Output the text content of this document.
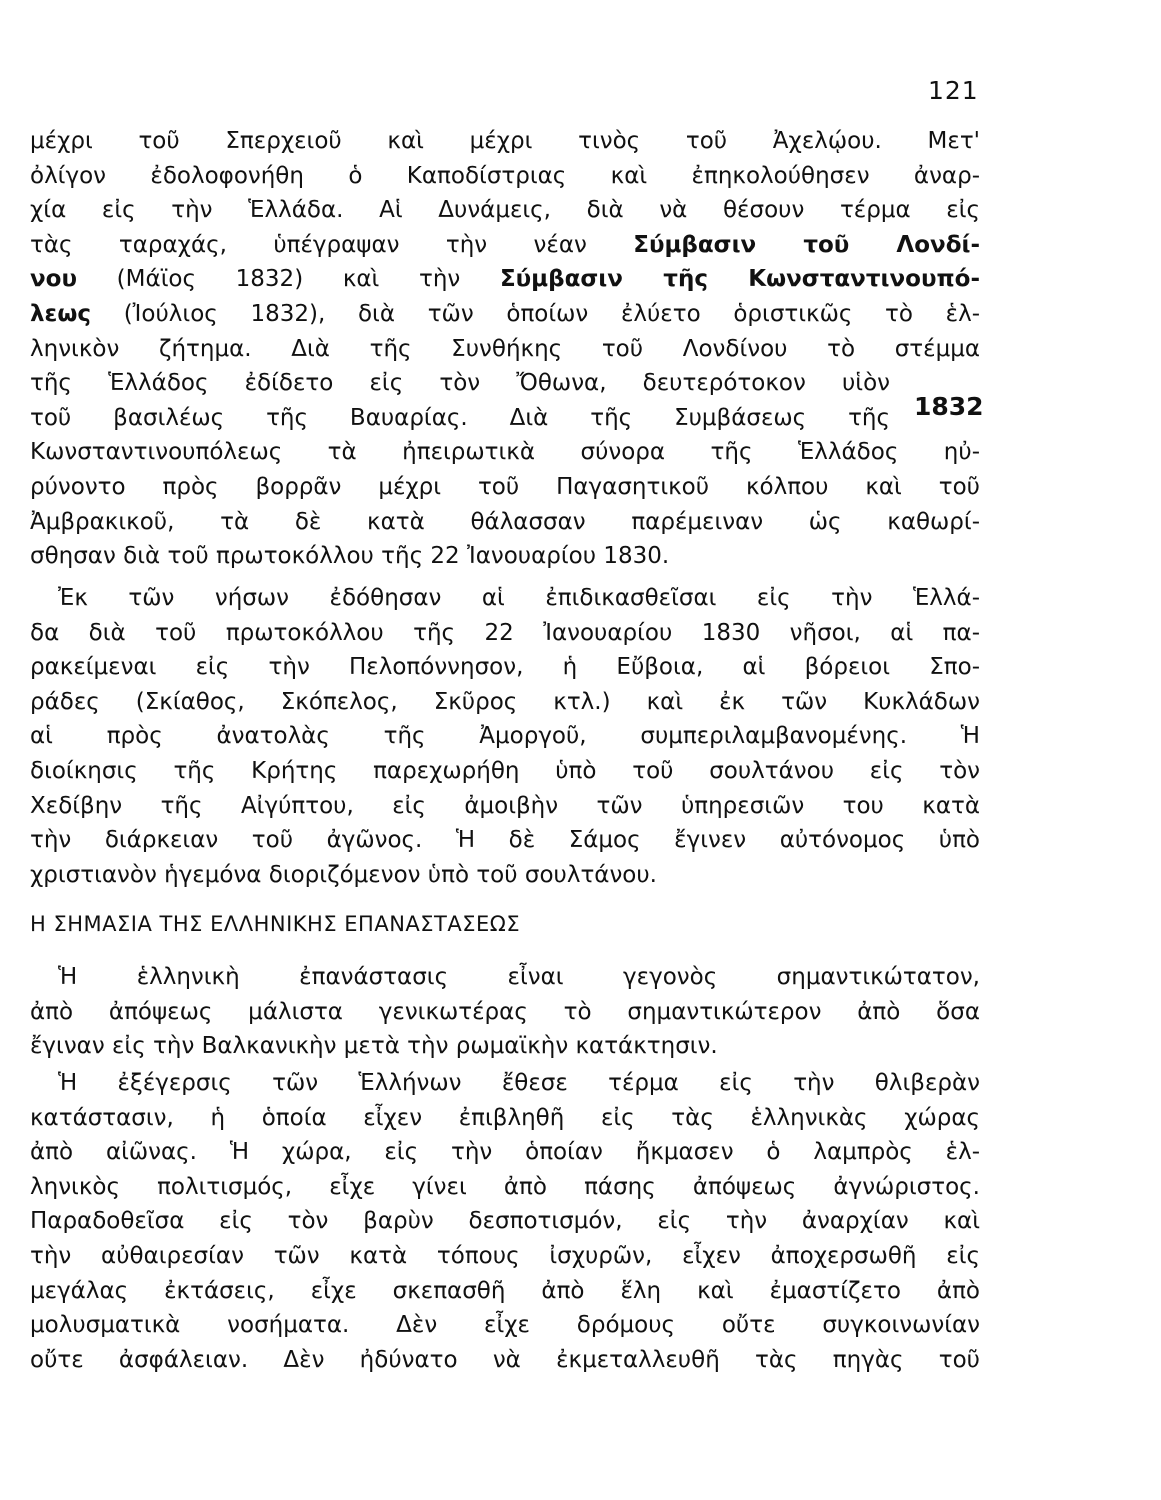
121
1832
μέχρι τοῦ Σπερχειοῦ καὶ μέχρι τινὸς τοῦ Ἀχελῴου. Μετ'
ὀλίγον ἐδολοφονήθη ὁ Καποδίστριας καὶ ἐπηκολούθησεν ἀναρ-
χία εἰς τὴν Ἑλλάδα. Αἱ Δυνάμεις, διὰ νὰ θέσουν τέρμα εἰς
τὰς ταραχάς, ὑπέγραψαν τὴν νέαν Σύμβασιν τοῦ Λονδί-
νου (Μάϊος 1832) καὶ τὴν Σύμβασιν τῆς Κωνσταντινουπό-
λεως (Ἰούλιος 1832), διὰ τῶν ὁποίων ἐλύετο ὁριστικῶς τὸ ἑλ-
ληνικὸν ζήτημα. Διὰ τῆς Συνθήκης τοῦ Λονδίνου τὸ στέμμα
τῆς Ἑλλάδος ἐδίδετο εἰς τὸν Ὄθωνα, δευτερότοκον υἱὸν
τοῦ βασιλέως τῆς Βαυαρίας. Διὰ τῆς Συμβάσεως τῆς
Κωνσταντινουπόλεως τὰ ἠπειρωτικὰ σύνορα τῆς Ἑλλάδος ηὐ-
ρύνοντο πρὸς βορρᾶν μέχρι τοῦ Παγασητικοῦ κόλπου καὶ τοῦ
Ἀμβρακικοῦ, τὰ δὲ κατὰ θάλασσαν παρέμειναν ὡς καθωρί-
σθησαν διὰ τοῦ πρωτοκόλλου τῆς 22 Ἰανουαρίου 1830.
Ἐκ τῶν νήσων ἐδόθησαν αἱ ἐπιδικασθεῖσαι εἰς τὴν Ἑλλά-
δα διὰ τοῦ πρωτοκόλλου τῆς 22 Ἰανουαρίου 1830 νῆσοι, αἱ πα-
ρακείμεναι εἰς τὴν Πελοπόννησον, ἡ Εὔβοια, αἱ βόρειοι Σπο-
ράδες (Σκίαθος, Σκόπελος, Σκῦρος κτλ.) καὶ ἐκ τῶν Κυκλάδων
αἱ πρὸς ἀνατολὰς τῆς Ἀμοργοῦ, συμπεριλαμβανομένης. Ἡ
διοίκησις τῆς Κρήτης παρεχωρήθη ὑπὸ τοῦ σουλτάνου εἰς τὸν
Χεδίβην τῆς Αἰγύπτου, εἰς ἀμοιβὴν τῶν ὑπηρεσιῶν του κατὰ
τὴν διάρκειαν τοῦ ἀγῶνος. Ἡ δὲ Σάμος ἔγινεν αὐτόνομος ὑπὸ
χριστιανὸν ἡγεμόνα διοριζόμενον ὑπὸ τοῦ σουλτάνου.
Η ΣΗΜΑΣΙΑ ΤΗΣ ΕΛΛΗΝΙΚΗΣ ΕΠΑΝΑΣΤΑΣΕΩΣ
Ἡ ἑλληνικὴ ἐπανάστασις εἶναι γεγονὸς σημαντικώτατον,
ἀπὸ ἀπόψεως μάλιστα γενικωτέρας τὸ σημαντικώτερον ἀπὸ ὅσα
ἔγιναν εἰς τὴν Βαλκανικὴν μετὰ τὴν ρωμαϊκὴν κατάκτησιν.
Ἡ ἐξέγερσις τῶν Ἑλλήνων ἔθεσε τέρμα εἰς τὴν θλιβερὰν
κατάστασιν, ἡ ὁποία εἶχεν ἐπιβληθῆ εἰς τὰς ἑλληνικὰς χώρας
ἀπὸ αἰῶνας. Ἡ χώρα, εἰς τὴν ὁποίαν ἤκμασεν ὁ λαμπρὸς ἑλ-
ληνικὸς πολιτισμός, εἶχε γίνει ἀπὸ πάσης ἀπόψεως ἀγνώριστος.
Παραδοθεῖσα εἰς τὸν βαρὺν δεσποτισμόν, εἰς τὴν ἀναρχίαν καὶ
τὴν αὐθαιρεσίαν τῶν κατὰ τόπους ἰσχυρῶν, εἶχεν ἀποχερσωθῆ εἰς
μεγάλας ἐκτάσεις, εἶχε σκεπασθῆ ἀπὸ ἕλη καὶ ἐμαστίζετο ἀπὸ
μολυσματικὰ νοσήματα. Δὲν εἶχε δρόμους οὔτε συγκοινωνίαν
οὔτε ἀσφάλειαν. Δὲν ἠδύνατο νὰ ἐκμεταλλευθῆ τὰς πηγὰς τοῦ
